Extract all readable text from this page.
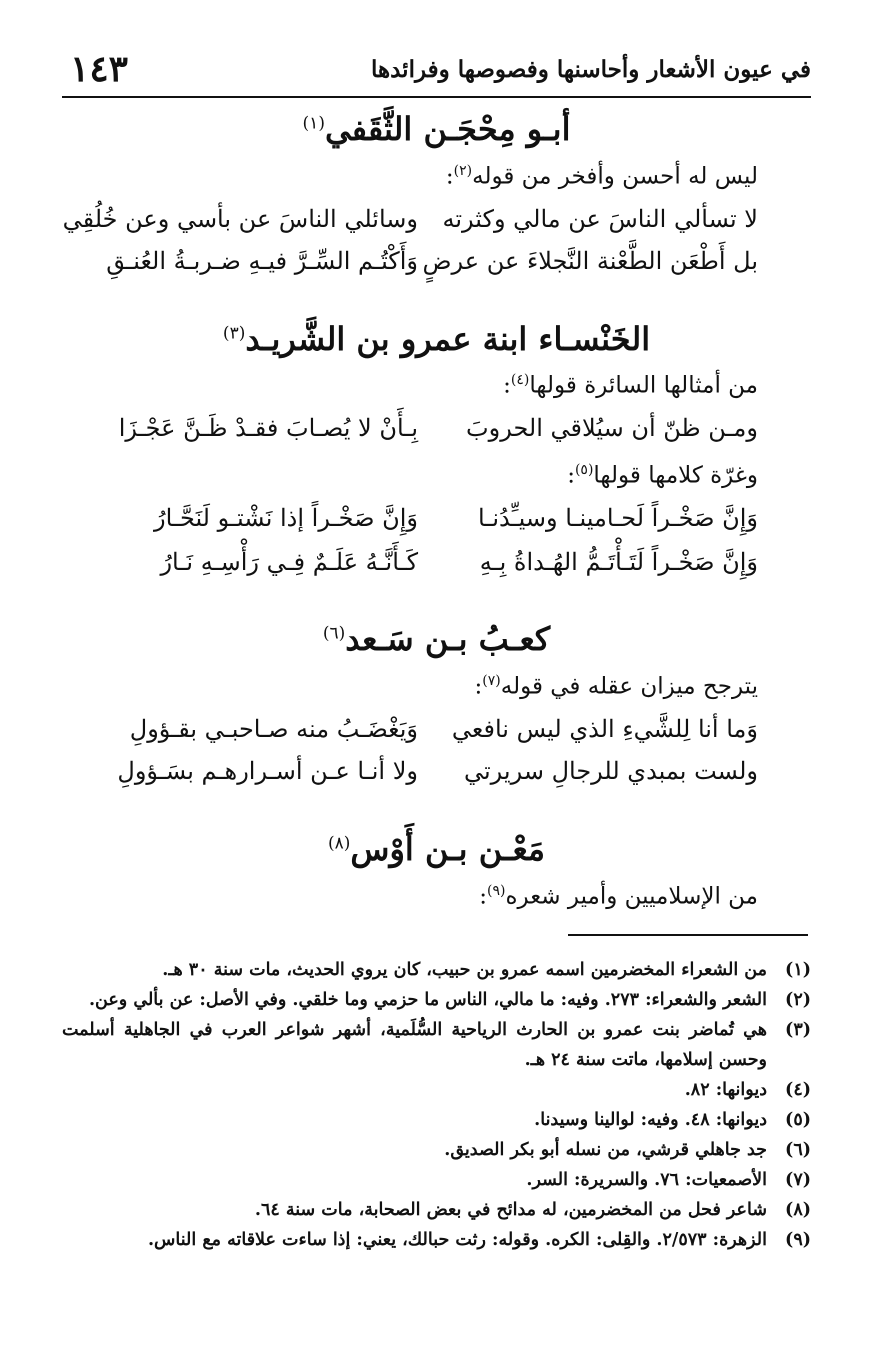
١٤٣	في عيون الأشعار وأحاسنها وفصوصها وفرائدها
أبـو مِحْجَـن الثَّقَفي$^{(١)}$
ليس له أحسن وأفخر من قوله$^{(٢)}$:
لا تسألي الناسَ عن مالي وكثرته
وسائلي الناسَ عن بأسي وعن خُلُقِي
بل أَطْعَن الطَّعْنة النَّجلاءَ عن عرضٍ
وَأَكْتُـم السِّـرَّ فيـهِ ضـربـةُ العُنـقِ
الخَنْسـاء ابنة عمرو بن الشَّريـد$^{(٣)}$
من أمثالها السائرة قولها$^{(٤)}$:
ومـن ظنّ أن سيُلاقي الحروبَ
بِـأَنْ لا يُصـابَ فقـدْ ظَـنَّ عَجْـزَا
وغرّة كلامها قولها$^{(٥)}$:
وَإِنَّ صَخْـراً لَحـامينـا وسيـِّدُنـا
وَإِنَّ صَخْـراً إذا نَشْتـو لَنَحَّـارُ
وَإِنَّ صَخْـراً لَتَـأْتَـمُّ الهُـداةُ بِـهِ
كَـأَنَّـهُ عَلَـمٌ فِـي رَأْسِـهِ نَـارُ
كعـبُ بـن سَـعد$^{(٦)}$
يترجح ميزان عقله في قوله$^{(٧)}$:
وَما أنا لِلشَّيءِ الذي ليس نافعي
وَيَغْضَـبُ منه صـاحبـي بقـؤولِ
ولست بمبدي للرجالِ سريرتي
ولا أنـا عـن أسـرارهـم بسَـؤولِ
مَعْـن بـن أَوْس$^{(٨)}$
من الإسلاميين وأمير شعره$^{(٩)}$:
(١)
من الشعراء المخضرمين اسمه عمرو بن حبيب، كان يروي الحديث، مات سنة ٣٠ هـ.
(٢)
الشعر والشعراء: ٢٧٣. وفيه: ما مالي، الناس ما حزمي وما خلقي. وفي الأصل: عن بألي وعن.
(٣)
هي تُماضر بنت عمرو بن الحارث الرياحية السُّلَمية، أشهر شواعر العرب في الجاهلية أسلمت وحسن إسلامها، ماتت سنة ٢٤ هـ.
(٤)
ديوانها: ٨٢.
(٥)
ديوانها: ٤٨. وفيه: لوالينا وسيدنا.
(٦)
جد جاهلي قرشي، من نسله أبو بكر الصديق.
(٧)
الأصمعيات: ٧٦. والسريرة: السر.
(٨)
شاعر فحل من المخضرمين، له مدائح في بعض الصحابة، مات سنة ٦٤.
(٩)
الزهرة: ٢/٥٧٣. والقِلى: الكره. وقوله: رثت حبالك، يعني: إذا ساءت علاقاته مع الناس.
